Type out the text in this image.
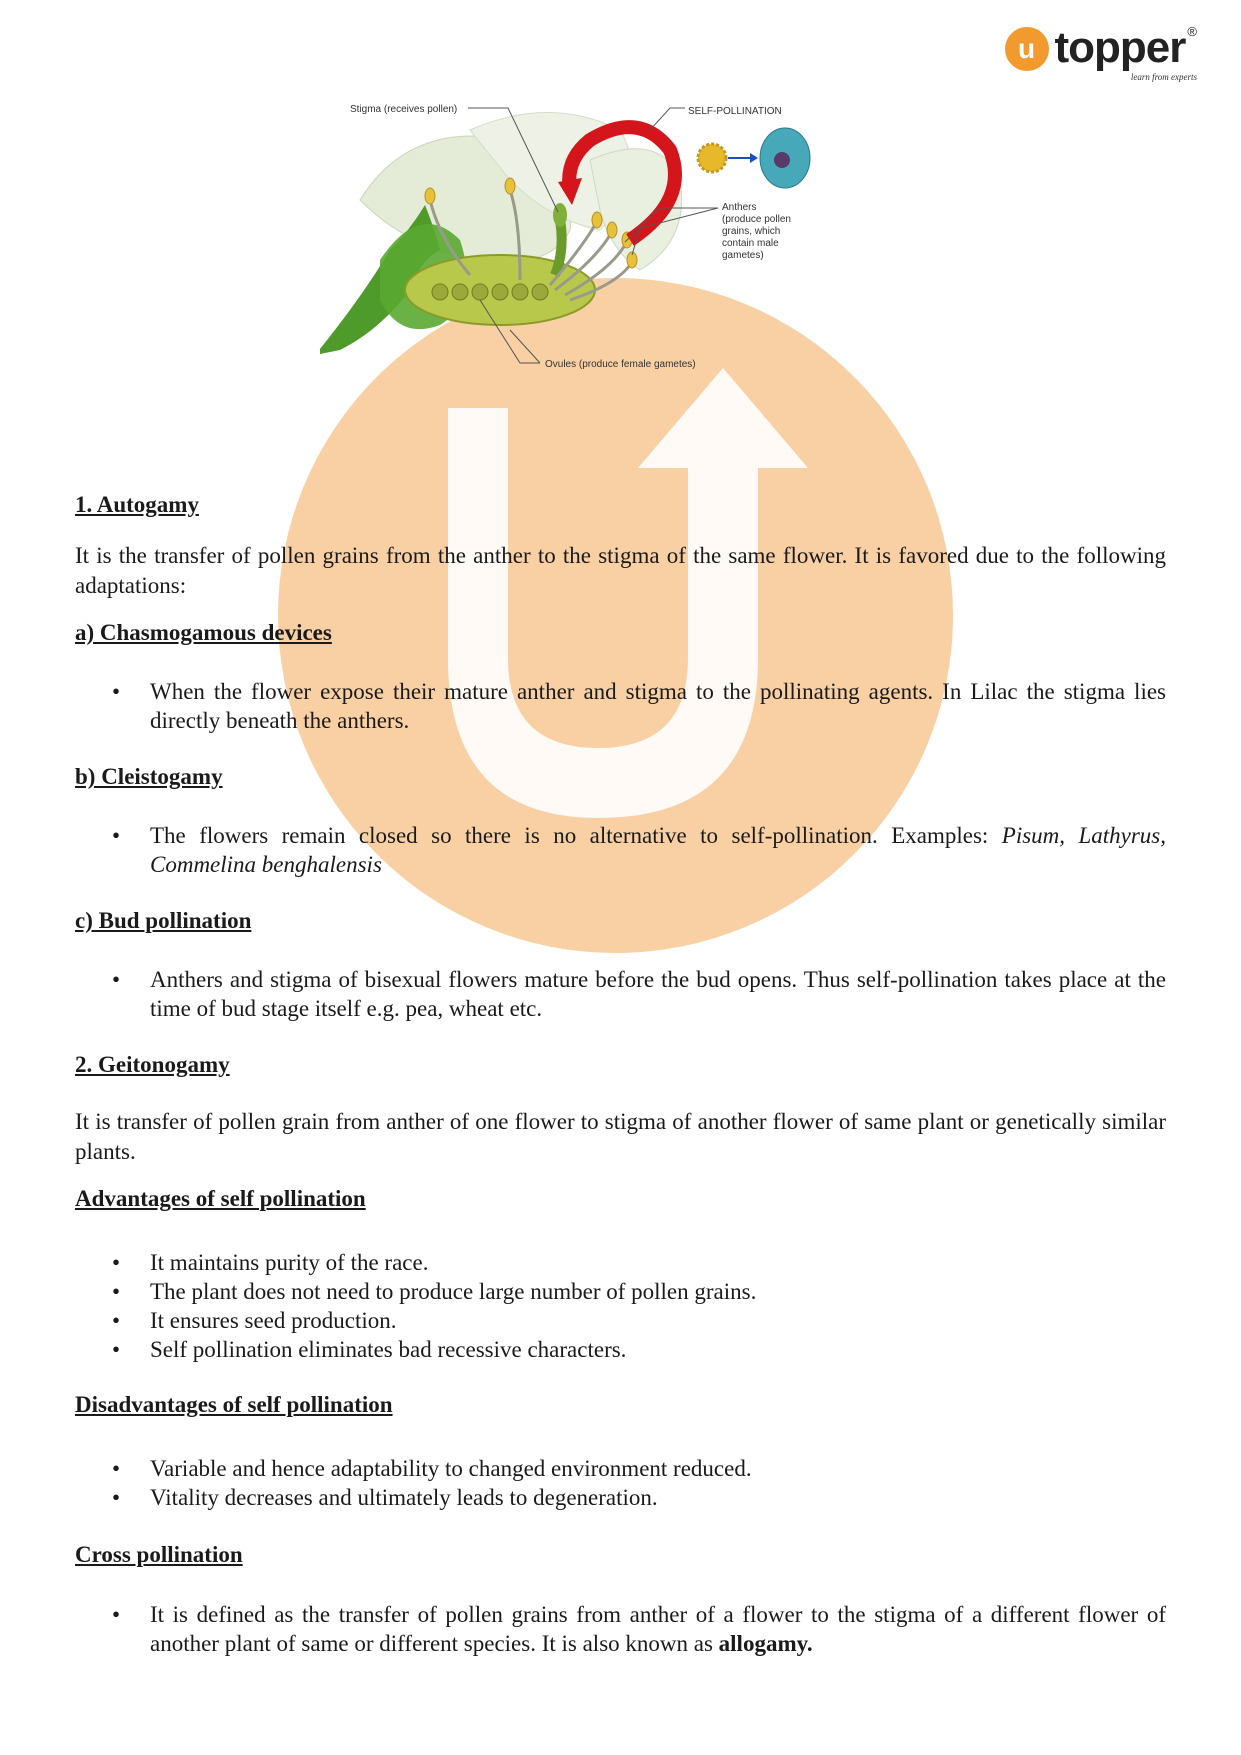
u topper ®
learn from experts
Stigma (receives pollen)	SELF-POLLINATION
Anthers
(produce pollen
grains, which
contain male
gametes)
Ovules (produce female gametes)
1. Autogamy

It is the transfer of pollen grains from the anther to the stigma of the same flower. It is favored due to the following adaptations:

a) Chasmogamous devices

• When the flower expose their mature anther and stigma to the pollinating agents. In Lilac the stigma lies directly beneath the anthers.

b) Cleistogamy

• The flowers remain closed so there is no alternative to self-pollination. Examples: Pisum, Lathyrus, Commelina benghalensis

c) Bud pollination

• Anthers and stigma of bisexual flowers mature before the bud opens. Thus self-pollination takes place at the time of bud stage itself e.g. pea, wheat etc.

2. Geitonogamy

It is transfer of pollen grain from anther of one flower to stigma of another flower of same plant or genetically similar plants.

Advantages of self pollination

• It maintains purity of the race.

• The plant does not need to produce large number of pollen grains.

• It ensures seed production.

• Self pollination eliminates bad recessive characters.

Disadvantages of self pollination

• Variable and hence adaptability to changed environment reduced.

• Vitality decreases and ultimately leads to degeneration.

Cross pollination

• It is defined as the transfer of pollen grains from anther of a flower to the stigma of a different flower of another plant of same or different species. It is also known as allogamy.
